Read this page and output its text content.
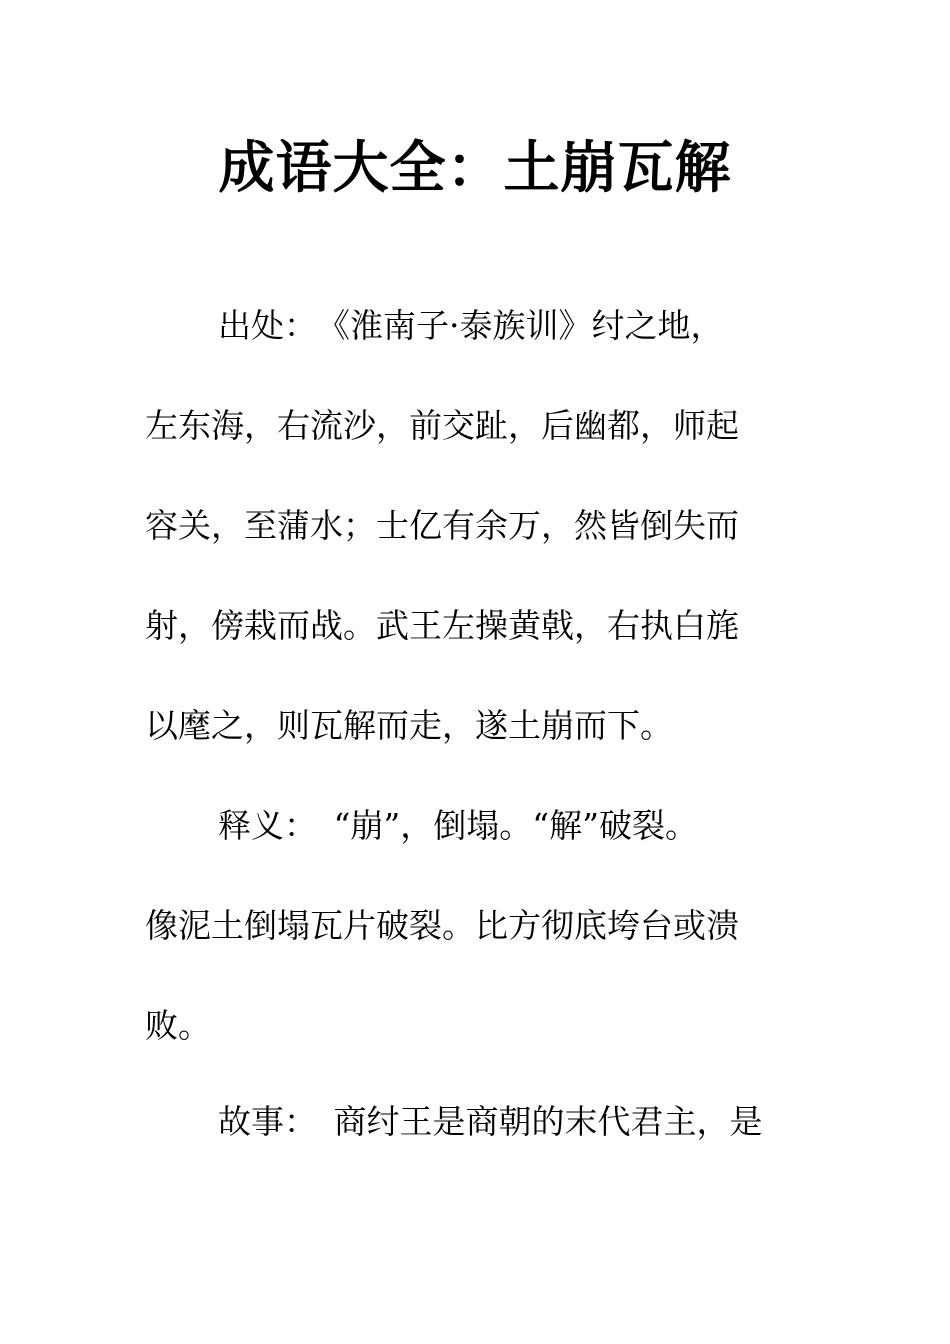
成语大全：土崩瓦解

出处：　《淮南子·泰族训》纣之地，

左东海，右流沙，前交趾，后幽都，师起

容关，至蒲水；士亿有余万，然皆倒失而

射，傍栽而战。武王左操黄戟，右执白旄

以麾之，则瓦解而走，遂土崩而下。

释义：　“崩”，倒塌。“解”破裂。

像泥土倒塌瓦片破裂。比方彻底垮台或溃

败。

故事：　商纣王是商朝的末代君主，是
